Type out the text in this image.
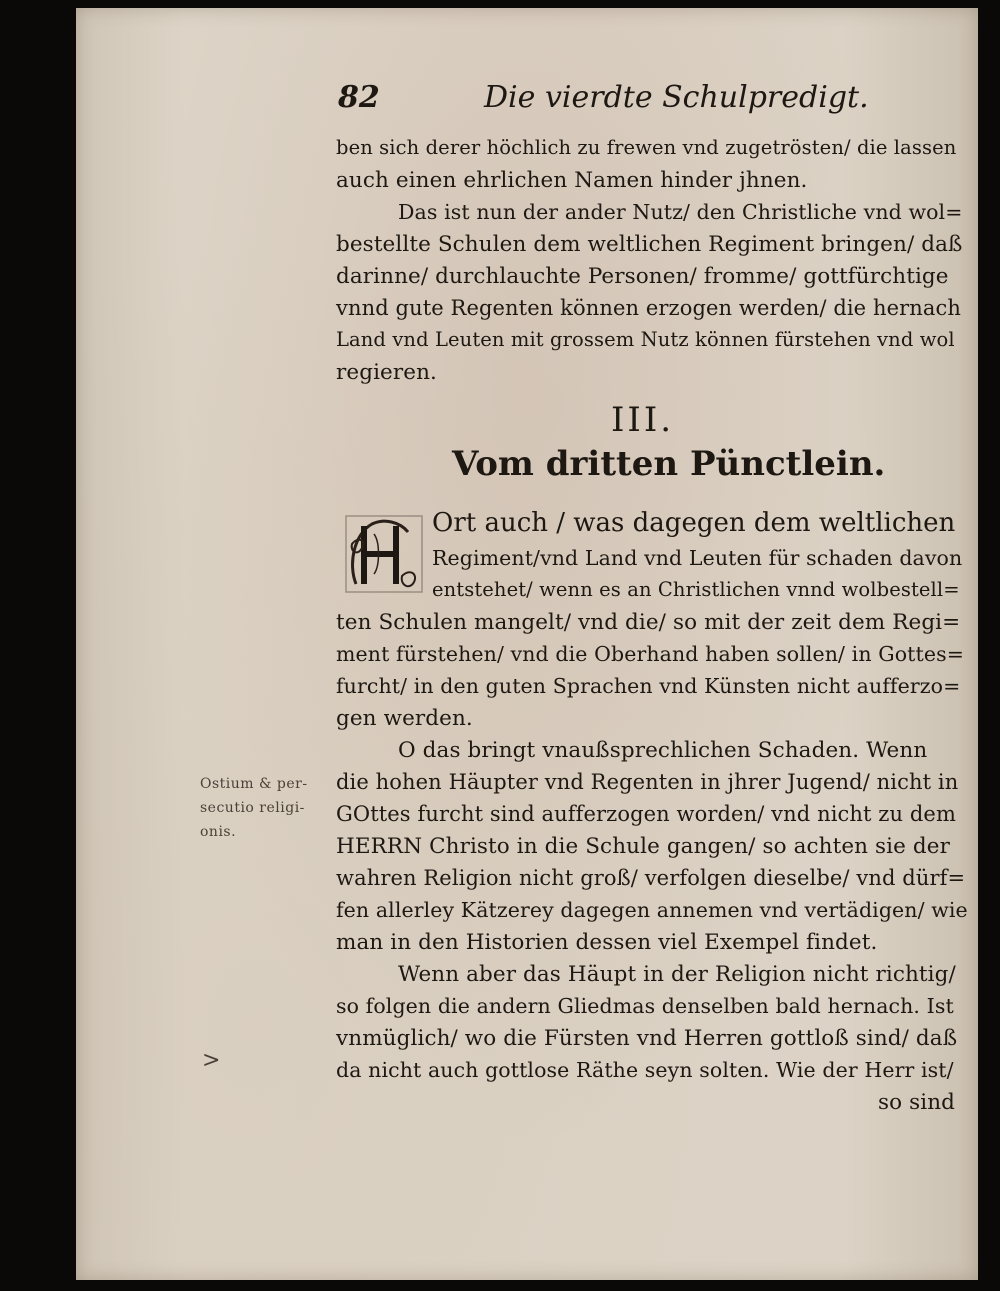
82	Die vierdte Schulpredigt.
ben sich derer höchlich zu frewen vnd zugetrösten/ die lassen
auch einen ehrlichen Namen hinder jhnen.
Das ist nun der ander Nutz/ den Christliche vnd wol=
bestellte Schulen dem weltlichen Regiment bringen/ daß
darinne/ durchlauchte Personen/ fromme/ gottfürchtige
vnnd gute Regenten können erzogen werden/ die hernach
Land vnd Leuten mit grossem Nutz können fürstehen vnd wol
regieren.
III.
Vom dritten Pünctlein.
Ort auch / was dagegen dem weltlichen
Regiment/vnd Land vnd Leuten für schaden davon
entstehet/ wenn es an Christlichen vnnd wolbestell=
ten Schulen mangelt/ vnd die/ so mit der zeit dem Regi=
ment fürstehen/ vnd die Oberhand haben sollen/ in Gottes=
furcht/ in den guten Sprachen vnd Künsten nicht aufferzo=
gen werden.
O das bringt vnaußsprechlichen Schaden. Wenn
die hohen Häupter vnd Regenten in jhrer Jugend/ nicht in
GOttes furcht sind aufferzogen worden/ vnd nicht zu dem
HERRN Christo in die Schule gangen/ so achten sie der
wahren Religion nicht groß/ verfolgen dieselbe/ vnd dürf=
fen allerley Kätzerey dagegen annemen vnd vertädigen/ wie
man in den Historien dessen viel Exempel findet.
Wenn aber das Häupt in der Religion nicht richtig/
so folgen die andern Gliedmas denselben bald hernach. Ist
vnmüglich/ wo die Fürsten vnd Herren gottloß sind/ daß
da nicht auch gottlose Räthe seyn solten. Wie der Herr ist/
so sind
Ostium & per-
secutio religi-
onis.
>
